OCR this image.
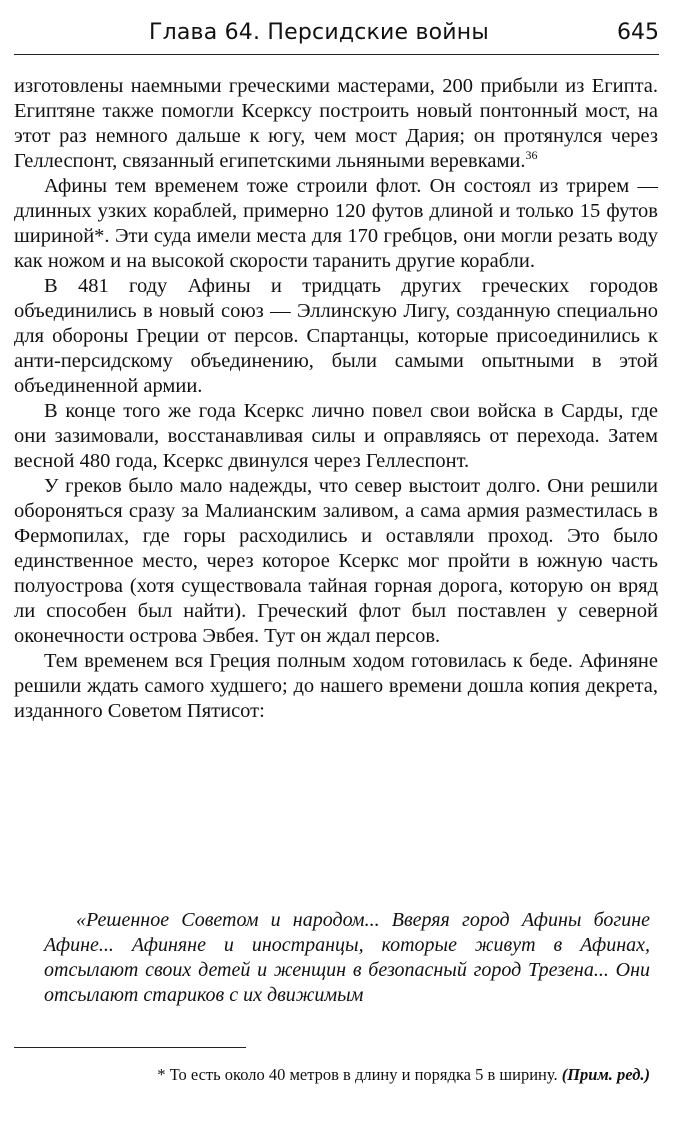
Глава 64. Персидские войны	645

изготовлены наемными греческими мастерами, 200 прибыли из Египта. Египтяне также помогли Ксерксу построить новый понтонный мост, на этот раз немного дальше к югу, чем мост Дария; он протянулся через Геллеспонт, связанный египетскими льняными веревками.$^{36}$

Афины тем временем тоже строили флот. Он состоял из трирем — длинных узких кораблей, примерно 120 футов длиной и только 15 футов шириной*. Эти суда имели места для 170 гребцов, они могли резать воду как ножом и на высокой скорости таранить другие корабли.

В 481 году Афины и тридцать других греческих городов объединились в новый союз — Эллинскую Лигу, созданную специально для обороны Греции от персов. Спартанцы, которые присоединились к анти-персидскому объединению, были самыми опытными в этой объединенной армии.

В конце того же года Ксеркс лично повел свои войска в Сарды, где они зазимовали, восстанавливая силы и оправляясь от перехода. Затем весной 480 года, Ксеркс двинулся через Геллеспонт.

У греков было мало надежды, что север выстоит долго. Они решили обороняться сразу за Малианским заливом, а сама армия разместилась в Фермопилах, где горы расходились и оставляли проход. Это было единственное место, через которое Ксеркс мог пройти в южную часть полуострова (хотя существовала тайная горная дорога, которую он вряд ли способен был найти). Греческий флот был поставлен у северной оконечности острова Эвбея. Тут он ждал персов.

Тем временем вся Греция полным ходом готовилась к беде. Афиняне решили ждать самого худшего; до нашего времени дошла копия декрета, изданного Советом Пятисот:

«Решенное Советом и народом... Вверяя город Афины богине Афине... Афиняне и иностранцы, которые живут в Афинах, отсылают своих детей и женщин в безопасный город Трезена... Они отсылают стариков с их движимым
* То есть около 40 метров в длину и порядка 5 в ширину. (Прим. ред.)
